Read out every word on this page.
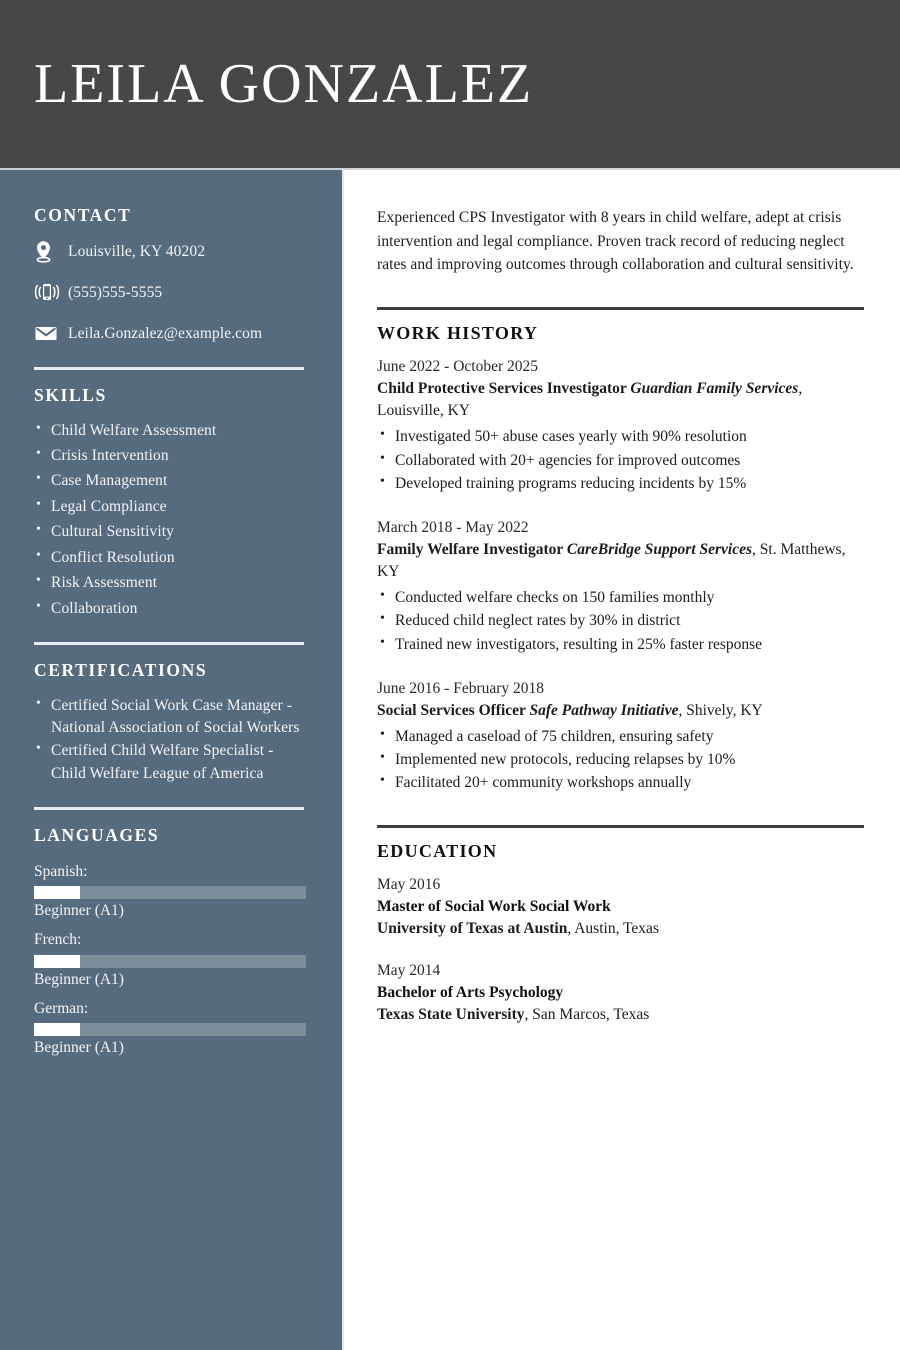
LEILA GONZALEZ
CONTACT
Louisville, KY 40202
(555)555-5555
Leila.Gonzalez@example.com
SKILLS
• Child Welfare Assessment
• Crisis Intervention
• Case Management
• Legal Compliance
• Cultural Sensitivity
• Conflict Resolution
• Risk Assessment
• Collaboration
CERTIFICATIONS
• Certified Social Work Case Manager - National Association of Social Workers
• Certified Child Welfare Specialist - Child Welfare League of America
LANGUAGES
Spanish:
Beginner (A1)
French:
Beginner (A1)
German:
Beginner (A1)

Experienced CPS Investigator with 8 years in child welfare, adept at crisis intervention and legal compliance. Proven track record of reducing neglect rates and improving outcomes through collaboration and cultural sensitivity.

WORK HISTORY
June 2022 - October 2025
Child Protective Services Investigator Guardian Family Services, Louisville, KY
• Investigated 50+ abuse cases yearly with 90% resolution
• Collaborated with 20+ agencies for improved outcomes
• Developed training programs reducing incidents by 15%
March 2018 - May 2022
Family Welfare Investigator CareBridge Support Services, St. Matthews, KY
• Conducted welfare checks on 150 families monthly
• Reduced child neglect rates by 30% in district
• Trained new investigators, resulting in 25% faster response
June 2016 - February 2018
Social Services Officer Safe Pathway Initiative, Shively, KY
• Managed a caseload of 75 children, ensuring safety
• Implemented new protocols, reducing relapses by 10%
• Facilitated 20+ community workshops annually
EDUCATION
May 2016
Master of Social Work Social Work
University of Texas at Austin, Austin, Texas
May 2014
Bachelor of Arts Psychology
Texas State University, San Marcos, Texas
